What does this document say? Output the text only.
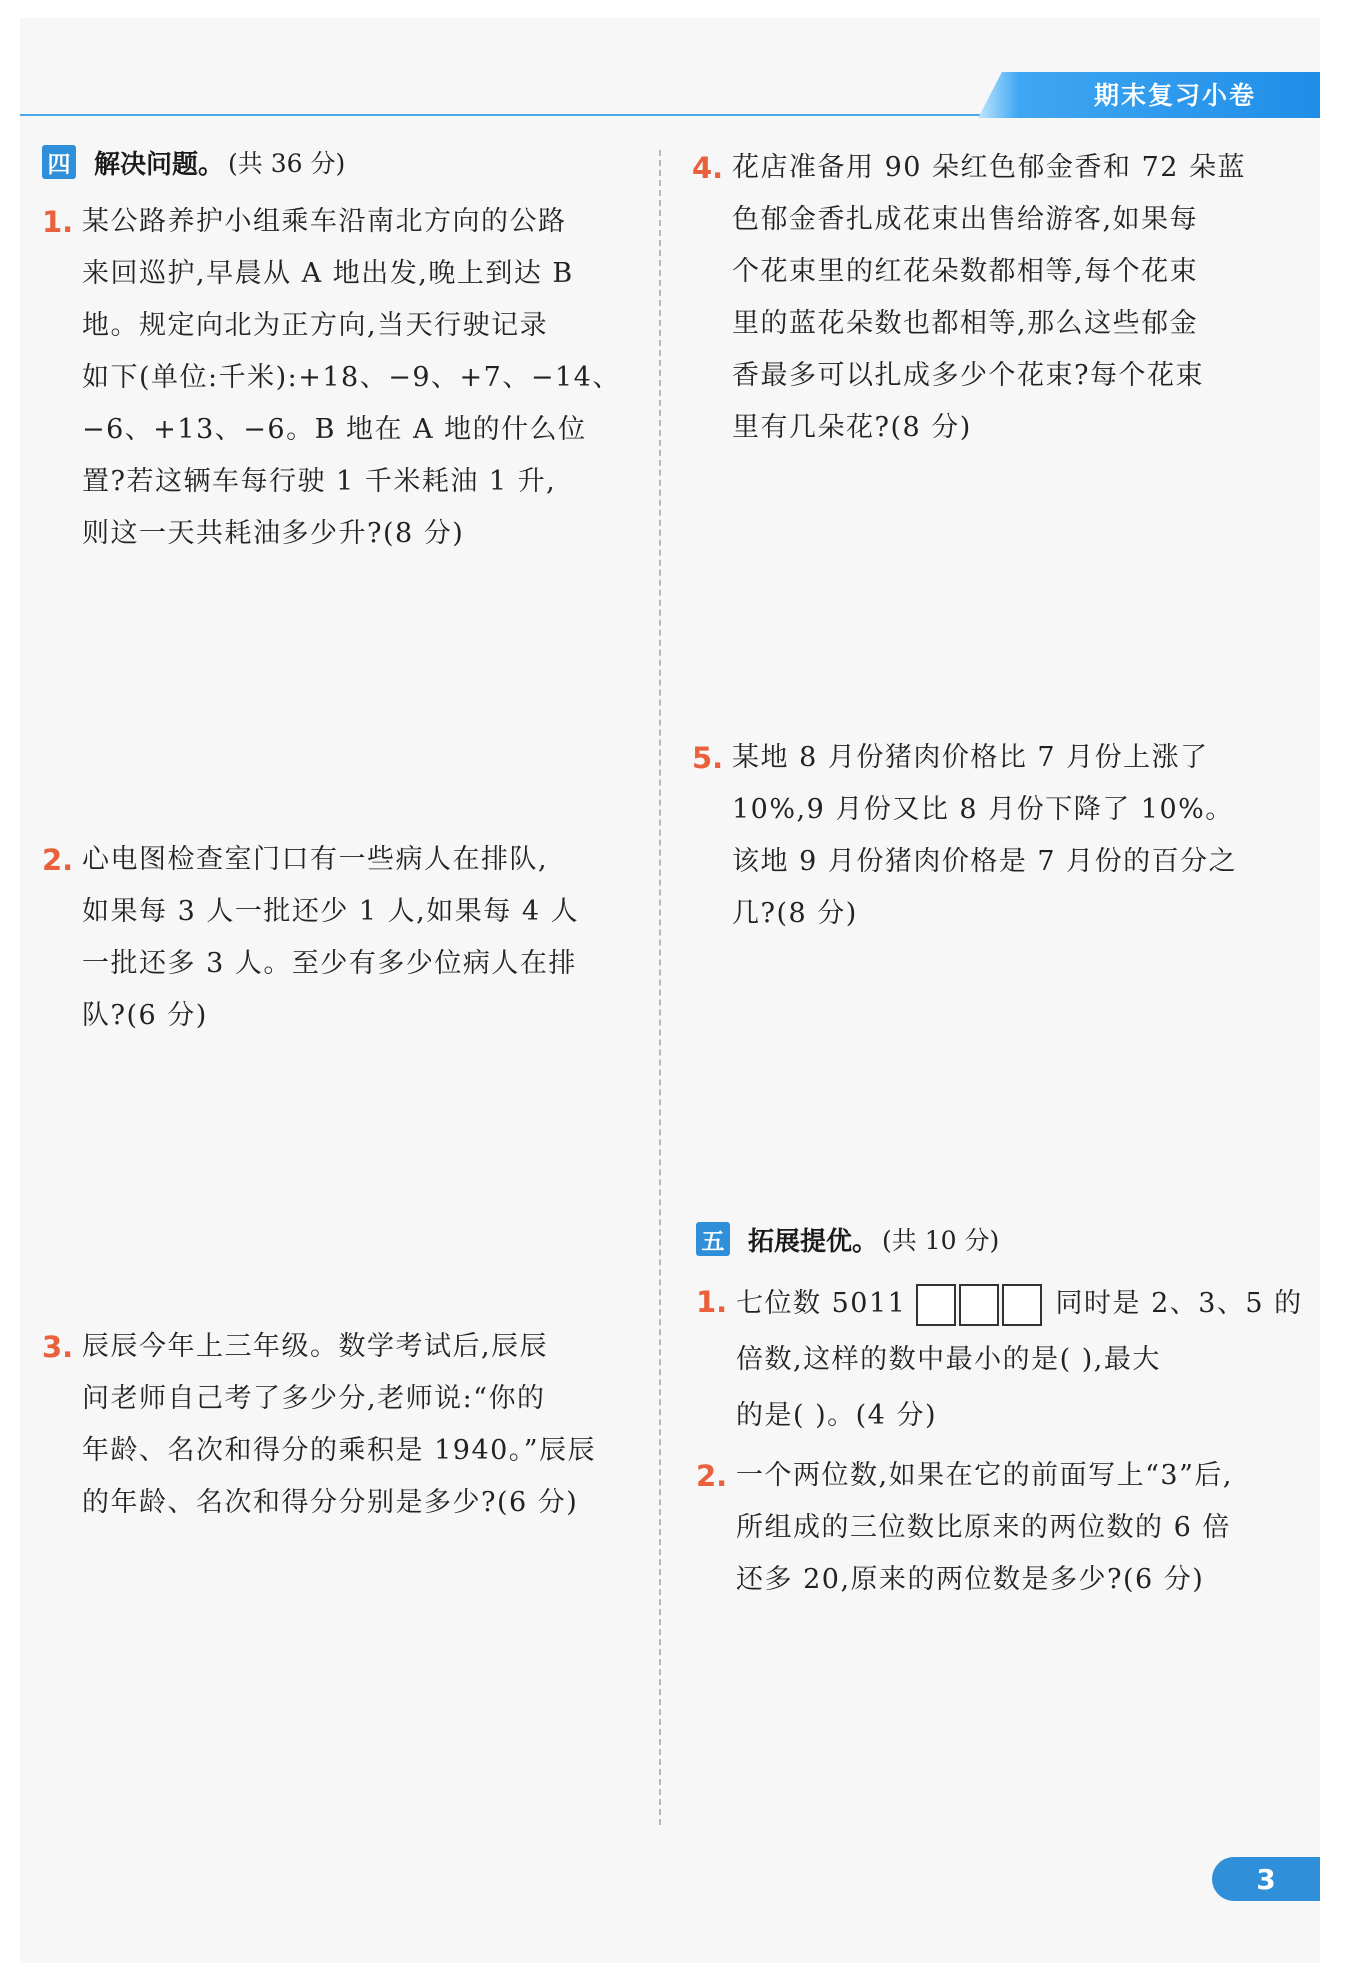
期末复习小卷
四 解决问题。 (共 36 分)
1. 某公路养护小组乘车沿南北方向的公路
来回巡护,早晨从 A 地出发,晚上到达 B
地。规定向北为正方向,当天行驶记录
如下(单位:千米):+18、−9、+7、−14、
−6、+13、−6。B 地在 A 地的什么位
置?若这辆车每行驶 1 千米耗油 1 升,
则这一天共耗油多少升?(8 分)
2. 心电图检查室门口有一些病人在排队,
如果每 3 人一批还少 1 人,如果每 4 人
一批还多 3 人。至少有多少位病人在排
队?(6 分)
3. 辰辰今年上三年级。数学考试后,辰辰
问老师自己考了多少分,老师说:“你的
年龄、名次和得分的乘积是 1940。”辰辰
的年龄、名次和得分分别是多少?(6 分)
4. 花店准备用 90 朵红色郁金香和 72 朵蓝
色郁金香扎成花束出售给游客,如果每
个花束里的红花朵数都相等,每个花束
里的蓝花朵数也都相等,那么这些郁金
香最多可以扎成多少个花束?每个花束
里有几朵花?(8 分)
5. 某地 8 月份猪肉价格比 7 月份上涨了
10%,9 月份又比 8 月份下降了 10%。
该地 9 月份猪肉价格是 7 月份的百分之
几?(8 分)
五 拓展提优。 (共 10 分)
1. 七位数 5011	同时是 2、3、5 的
倍数,这样的数中最小的是( ),最大
的是( )。(4 分)
2. 一个两位数,如果在它的前面写上“3”后,
所组成的三位数比原来的两位数的 6 倍
还多 20,原来的两位数是多少?(6 分)
3
